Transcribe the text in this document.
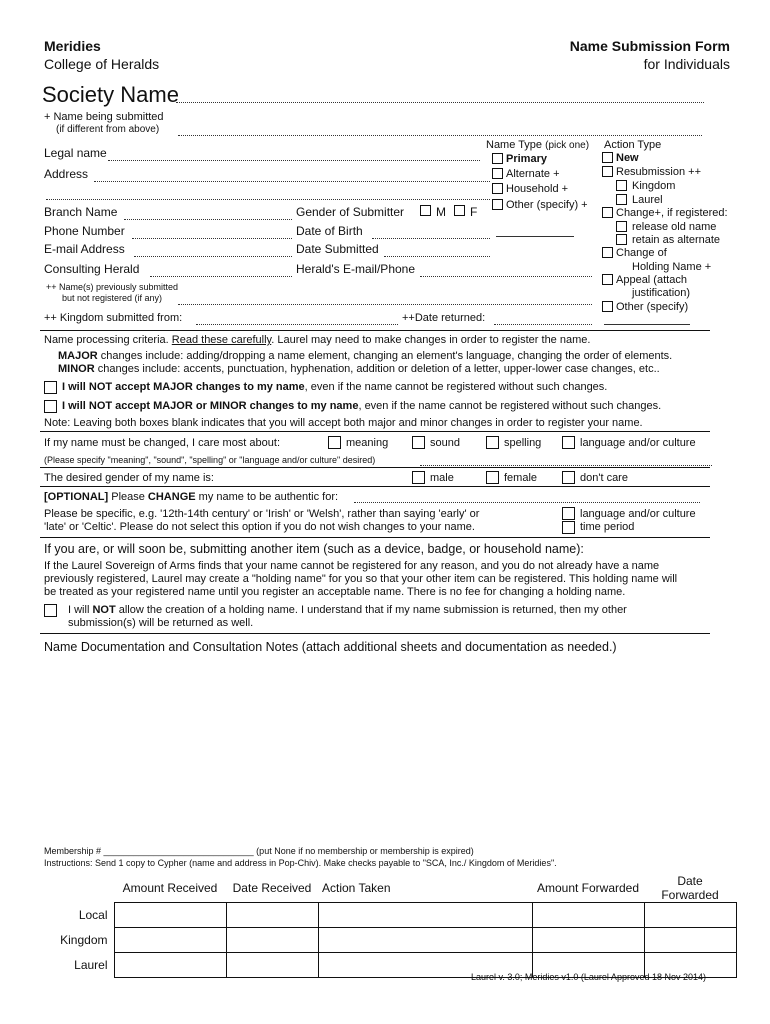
Meridies
College of Heralds
Name Submission Form
for Individuals
Society Name
+ Name being submitted
(if different from above)
Legal name
Address
Branch Name	Gender of Submitter	M F
Phone Number	Date of Birth
E-mail Address	Date Submitted
Consulting Herald	Herald's E-mail/Phone
++ Name(s) previously submitted
but not registered (if any)
++ Kingdom submitted from:	++Date returned:
Name Type (pick one)
Primary
Alternate +
Household +
Other (specify) +
Action Type
New
Resubmission ++
Kingdom
Laurel
Change+, if registered:
release old name
retain as alternate
Change of
Holding Name +
Appeal (attach
justification)
Other (specify)
Name processing criteria. Read these carefully. Laurel may need to make changes in order to register the name.
MAJOR changes include: adding/dropping a name element, changing an element's language, changing the order of elements.
MINOR changes include: accents, punctuation, hyphenation, addition or deletion of a letter, upper-lower case changes, etc..
I will NOT accept MAJOR changes to my name, even if the name cannot be registered without such changes.
I will NOT accept MAJOR or MINOR changes to my name, even if the name cannot be registered without such changes.
Note: Leaving both boxes blank indicates that you will accept both major and minor changes in order to register your name.
If my name must be changed, I care most about:	meaning	sound	spelling	language and/or culture
(Please specify "meaning", "sound", "spelling" or "language and/or culture" desired)
The desired gender of my name is:	male	female	don't care
[OPTIONAL] Please CHANGE my name to be authentic for:
Please be specific, e.g. '12th-14th century' or 'Irish' or 'Welsh', rather than saying 'early' or
'late' or 'Celtic'. Please do not select this option if you do not wish changes to your name.
language and/or culture
time period
If you are, or will soon be, submitting another item (such as a device, badge, or household name):
If the Laurel Sovereign of Arms finds that your name cannot be registered for any reason, and you do not already have a name
previously registered, Laurel may create a "holding name" for you so that your other item can be registered. This holding name will
be treated as your registered name until you register an acceptable name. There is no fee for changing a holding name.
I will NOT allow the creation of a holding name. I understand that if my name submission is returned, then my other
submission(s) will be returned as well.
Name Documentation and Consultation Notes (attach additional sheets and documentation as needed.)
Membership # ______________________________ (put None if no membership or membership is expired)
Instructions: Send 1 copy to Cypher (name and address in Pop-Chiv). Make checks payable to "SCA, Inc./ Kingdom of Meridies".
	Amount Received	Date Received	Action Taken	Amount Forwarded	Date Forwarded
Local					
Kingdom					
Laurel					
Laurel v. 3.0; Meridies v1.0 (Laurel Approved 18 Nov 2014)
